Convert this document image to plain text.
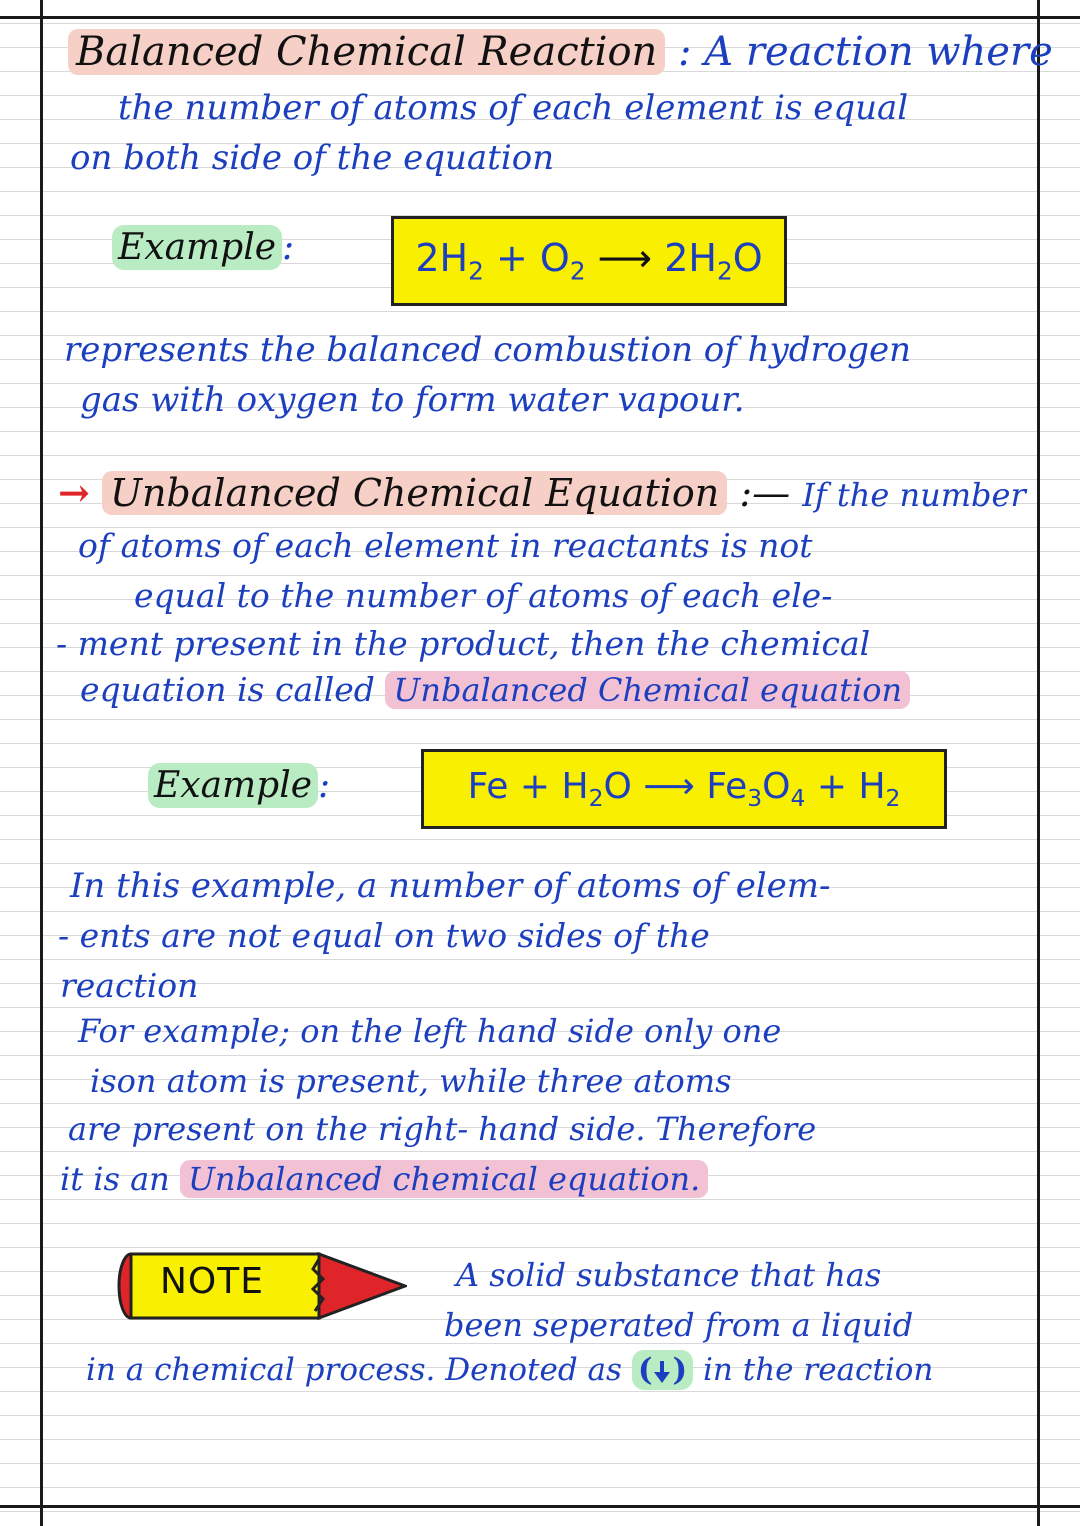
Balanced Chemical Reaction : A reaction where
the number of atoms of each element is equal
on both side of the equation
Example :	$2H_2 + O_2$ ⟶ $2H_2O$
represents the balanced combustion of hydrogen
gas with oxygen to form water vapour.
→ Unbalanced Chemical Equation :— If the number
of atoms of each element in reactants is not
equal to the number of atoms of each ele-
- ment present in the product, then the chemical
equation is called Unbalanced Chemical equation
Example :	$Fe + H_2O$ ⟶ $Fe_3O_4 + H_2$
In this example, a number of atoms of elem-
- ents are not equal on two sides of the
reaction
For example; on the left hand side only one
ison atom is present, while three atoms
are present on the right- hand side. Therefore
it is an Unbalanced chemical equation.
NOTE	A solid substance that has
been seperated from a liquid
in a chemical process. Denoted as ( ) in the reaction
